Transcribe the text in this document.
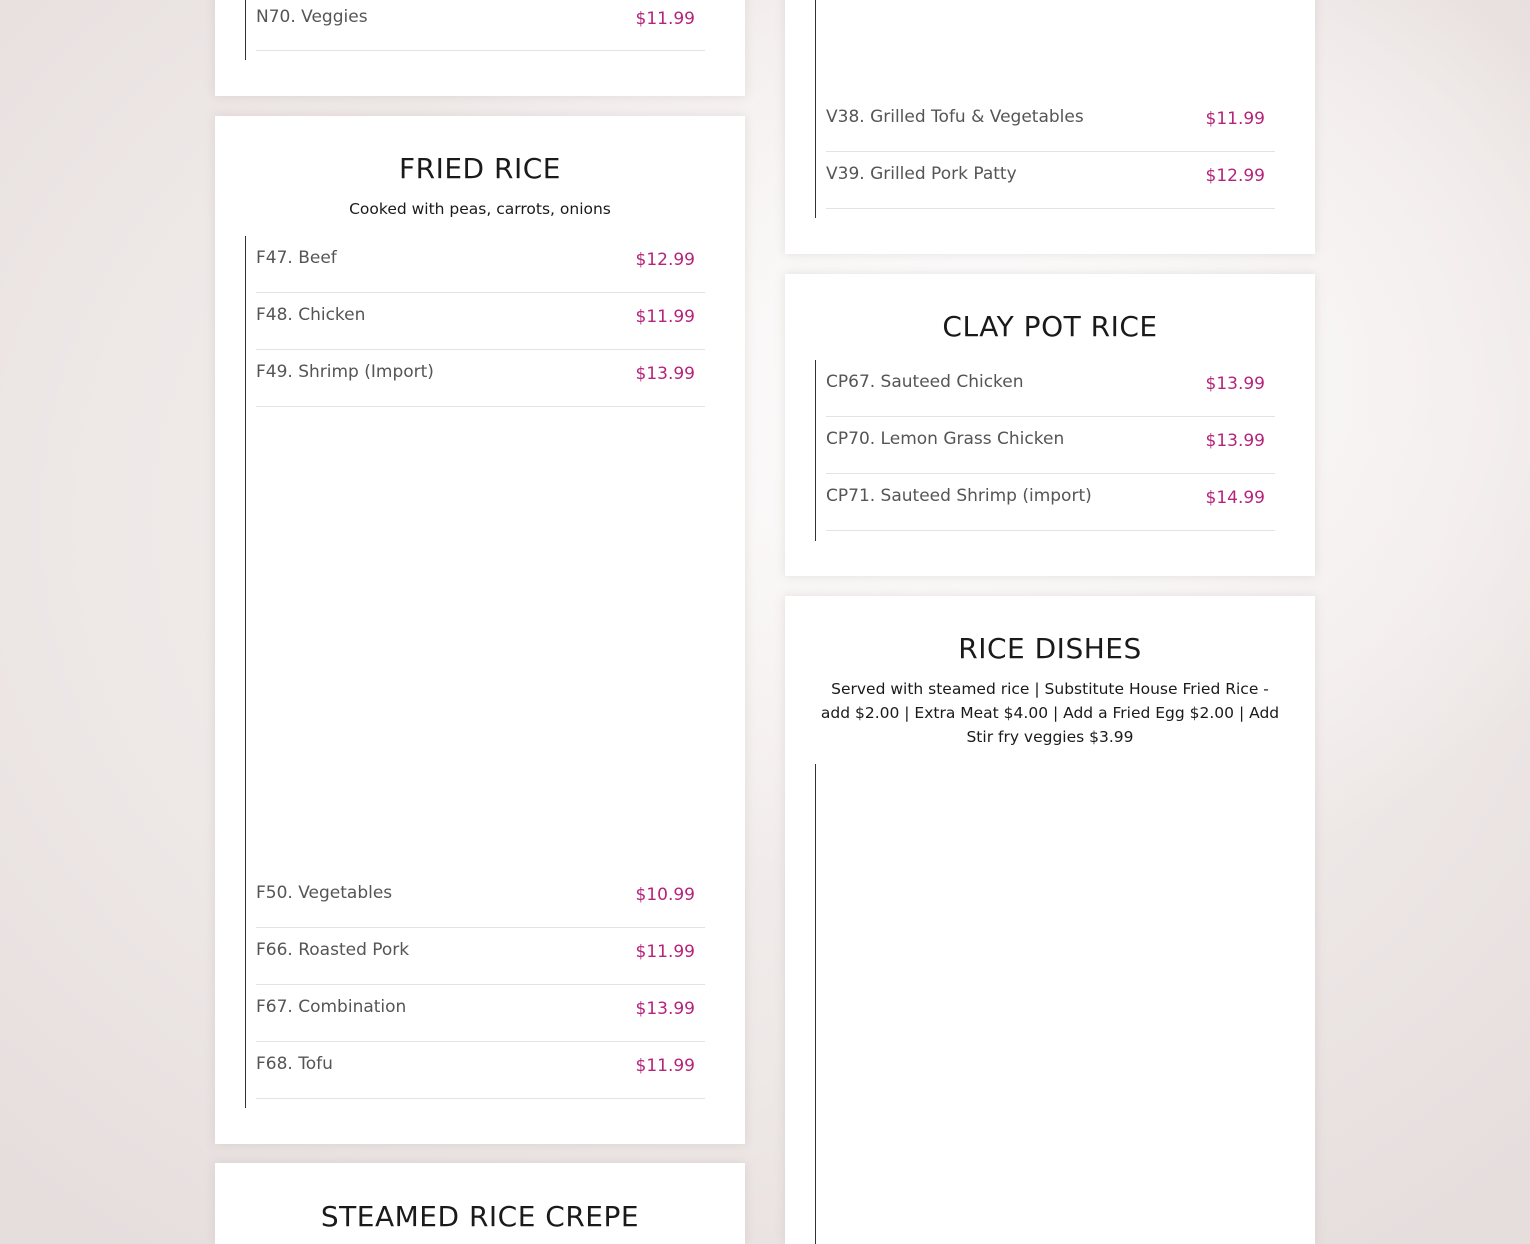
N70. Veggies	$11.99
FRIED RICE
Cooked with peas, carrots, onions
F47. Beef	$12.99
F48. Chicken	$11.99
F49. Shrimp (Import)	$13.99
F50. Vegetables	$10.99
F66. Roasted Pork	$11.99
F67. Combination	$13.99
F68. Tofu	$11.99
STEAMED RICE CREPE
V38. Grilled Tofu & Vegetables	$11.99
V39. Grilled Pork Patty	$12.99
CLAY POT RICE
CP67. Sauteed Chicken	$13.99
CP70. Lemon Grass Chicken	$13.99
CP71. Sauteed Shrimp (import)	$14.99
RICE DISHES
Served with steamed rice | Substitute House Fried Rice - add $2.00 | Extra Meat $4.00 | Add a Fried Egg $2.00 | Add Stir fry veggies $3.99
